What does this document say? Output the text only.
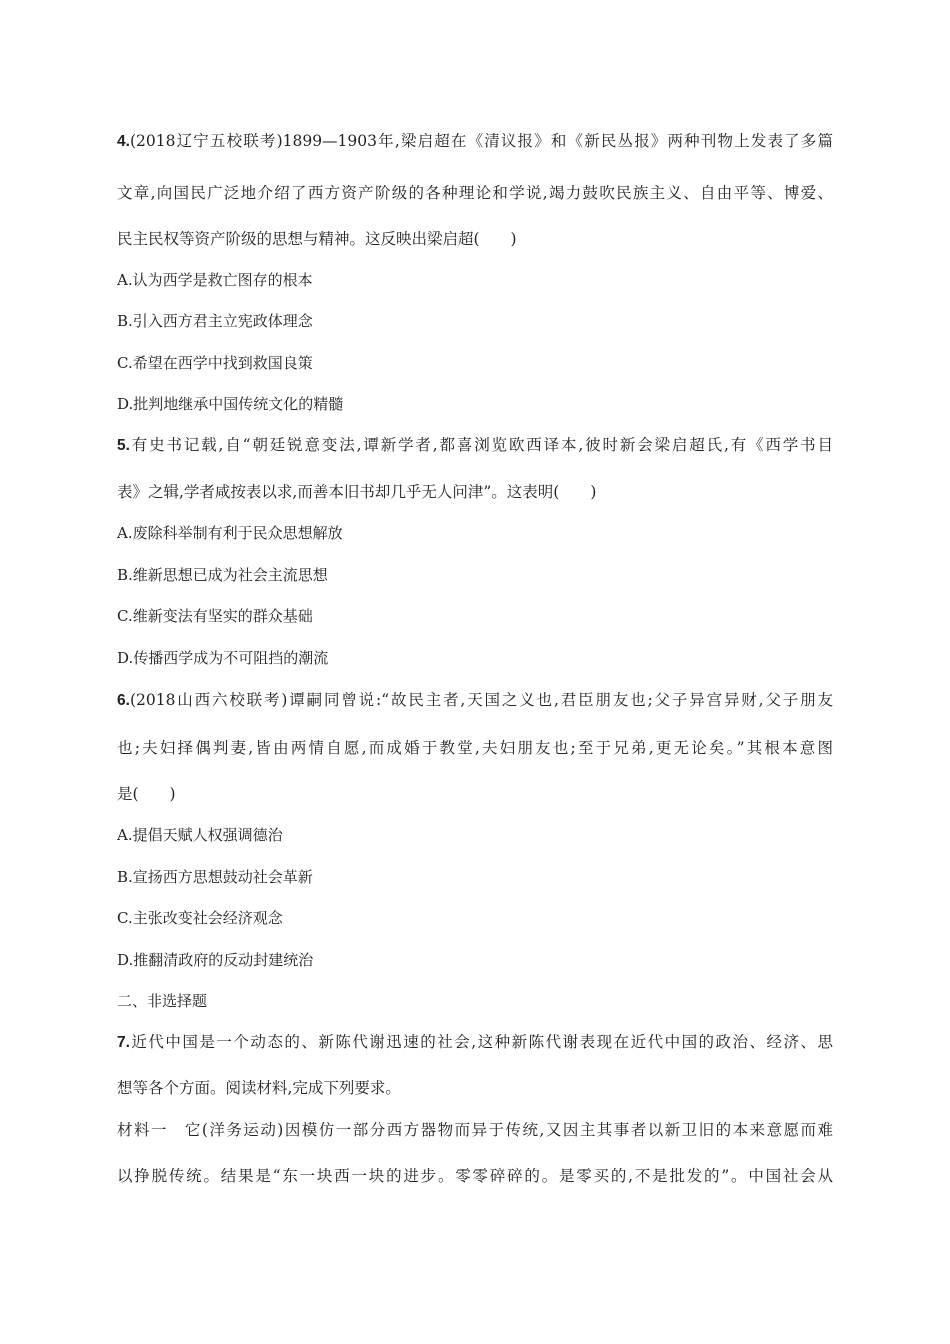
4.(2018辽宁五校联考)1899—1903年,梁启超在《清议报》和《新民丛报》两种刊物上发表了多篇
文章,向国民广泛地介绍了西方资产阶级的各种理论和学说,竭力鼓吹民族主义、自由平等、博爱、
民主民权等资产阶级的思想与精神。这反映出梁启超(　　)
A.认为西学是救亡图存的根本
B.引入西方君主立宪政体理念
C.希望在西学中找到救国良策
D.批判地继承中国传统文化的精髓
5.有史书记载,自“朝廷锐意变法,谭新学者,都喜浏览欧西译本,彼时新会梁启超氏,有《西学书目
表》之辑,学者咸按表以求,而善本旧书却几乎无人问津”。这表明(　　)
A.废除科举制有利于民众思想解放
B.维新思想已成为社会主流思想
C.维新变法有坚实的群众基础
D.传播西学成为不可阻挡的潮流
6.(2018山西六校联考)谭嗣同曾说:“故民主者,天国之义也,君臣朋友也;父子异宫异财,父子朋友
也;夫妇择偶判妻,皆由两情自愿,而成婚于教堂,夫妇朋友也;至于兄弟,更无论矣。”其根本意图
是(　　)
A.提倡天赋人权强调德治
B.宣扬西方思想鼓动社会革新
C.主张改变社会经济观念
D.推翻清政府的反动封建统治
二、非选择题
7.近代中国是一个动态的、新陈代谢迅速的社会,这种新陈代谢表现在近代中国的政治、经济、思
想等各个方面。阅读材料,完成下列要求。
材料一　它(洋务运动)因模仿一部分西方器物而异于传统,又因主其事者以新卫旧的本来意愿而难
以挣脱传统。结果是“东一块西一块的进步。零零碎碎的。是零买的,不是批发的”。中国社会从
